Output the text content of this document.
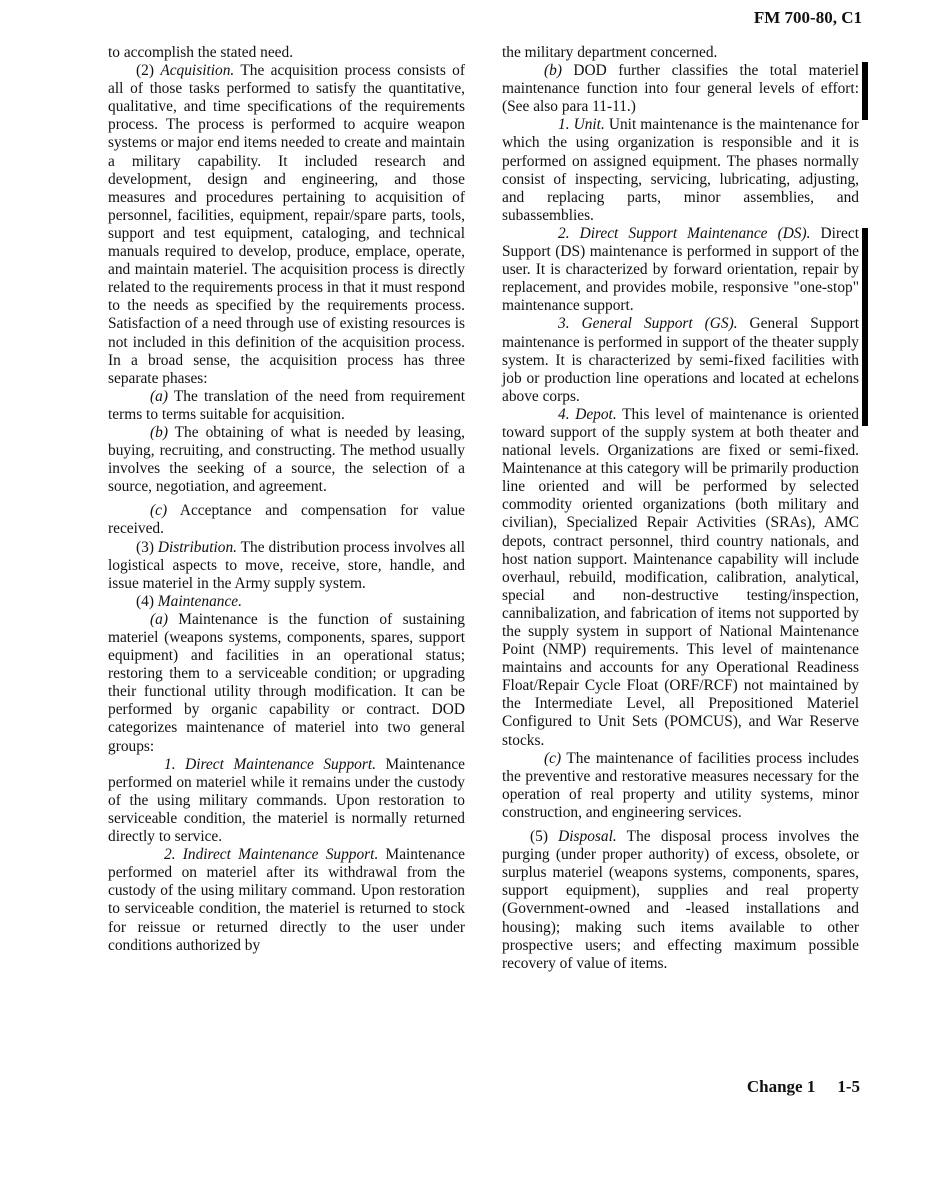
FM 700-80, C1

to accomplish the stated need.

(2) Acquisition. The acquisition process consists of all of those tasks performed to satisfy the quantitative, qualitative, and time specifications of the requirements process. The process is performed to acquire weapon systems or major end items needed to create and maintain a military capability. It included research and development, design and engineering, and those measures and procedures pertaining to acquisition of personnel, facilities, equipment, repair/spare parts, tools, support and test equipment, cataloging, and technical manuals required to develop, produce, emplace, operate, and maintain materiel. The acquisition process is directly related to the requirements process in that it must respond to the needs as specified by the requirements process. Satisfaction of a need through use of existing resources is not included in this definition of the acquisition process. In a broad sense, the acquisition process has three separate phases:

(a) The translation of the need from requirement terms to terms suitable for acquisition.

(b) The obtaining of what is needed by leasing, buying, recruiting, and constructing. The method usually involves the seeking of a source, the selection of a source, negotiation, and agreement.

(c) Acceptance and compensation for value received.

(3) Distribution. The distribution process involves all logistical aspects to move, receive, store, handle, and issue materiel in the Army supply system.

(4) Maintenance.

(a) Maintenance is the function of sustaining materiel (weapons systems, components, spares, support equipment) and facilities in an operational status; restoring them to a serviceable condition; or upgrading their functional utility through modification. It can be performed by organic capability or contract. DOD categorizes maintenance of materiel into two general groups:

1. Direct Maintenance Support. Maintenance performed on materiel while it remains under the custody of the using military commands. Upon restoration to serviceable condition, the materiel is normally returned directly to service.

2. Indirect Maintenance Support. Maintenance performed on materiel after its withdrawal from the custody of the using military command. Upon restoration to serviceable condition, the materiel is returned to stock for reissue or returned directly to the user under conditions authorized by

the military department concerned.

(b) DOD further classifies the total materiel maintenance function into four general levels of effort: (See also para 11-11.)

1. Unit. Unit maintenance is the maintenance for which the using organization is responsible and it is performed on assigned equipment. The phases normally consist of inspecting, servicing, lubricating, adjusting, and replacing parts, minor assemblies, and subassemblies.

2. Direct Support Maintenance (DS). Direct Support (DS) maintenance is performed in support of the user. It is characterized by forward orientation, repair by replacement, and provides mobile, responsive "one-stop" maintenance support.

3. General Support (GS). General Support maintenance is performed in support of the theater supply system. It is characterized by semi-fixed facilities with job or production line operations and located at echelons above corps.

4. Depot. This level of maintenance is oriented toward support of the supply system at both theater and national levels. Organizations are fixed or semi-fixed. Maintenance at this category will be primarily production line oriented and will be performed by selected commodity oriented organizations (both military and civilian), Specialized Repair Activities (SRAs), AMC depots, contract personnel, third country nationals, and host nation support. Maintenance capability will include overhaul, rebuild, modification, calibration, analytical, special and non-destructive testing/inspection, cannibalization, and fabrication of items not supported by the supply system in support of National Maintenance Point (NMP) requirements. This level of maintenance maintains and accounts for any Operational Readiness Float/Repair Cycle Float (ORF/RCF) not maintained by the Intermediate Level, all Prepositioned Materiel Configured to Unit Sets (POMCUS), and War Reserve stocks.

(c) The maintenance of facilities process includes the preventive and restorative measures necessary for the operation of real property and utility systems, minor construction, and engineering services.

(5) Disposal. The disposal process involves the purging (under proper authority) of excess, obsolete, or surplus materiel (weapons systems, components, spares, support equipment), supplies and real property (Government-owned and -leased installations and housing); making such items available to other prospective users; and effecting maximum possible recovery of value of items.

Change 1 1-5
